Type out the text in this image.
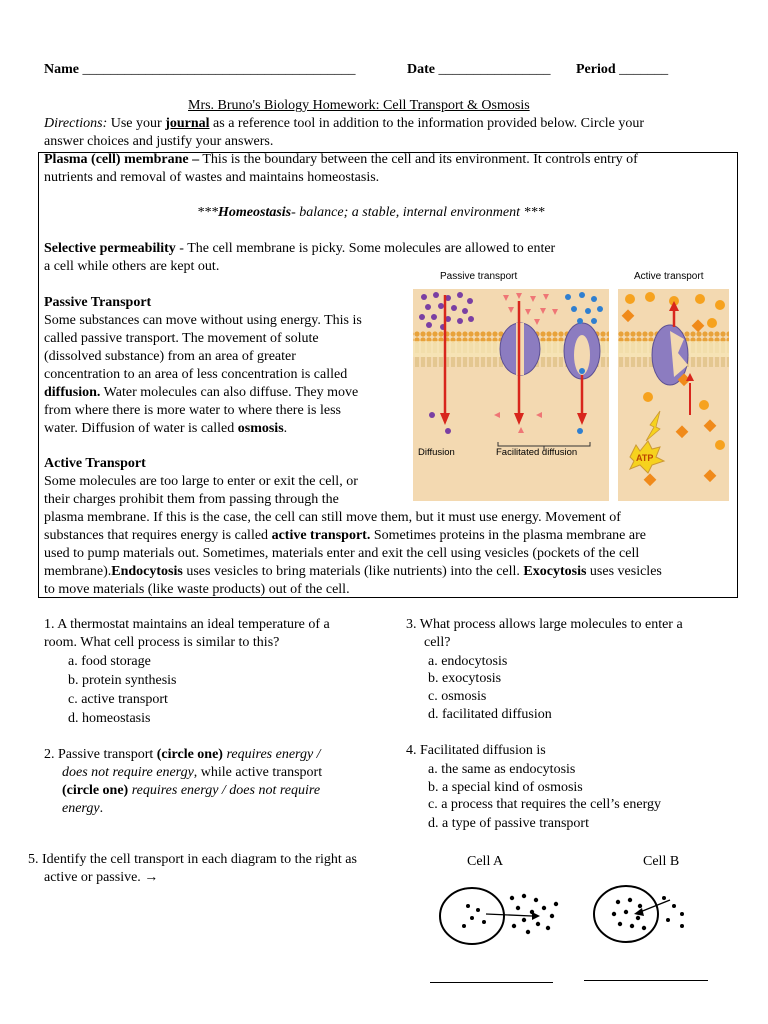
Name _______________________________________	Date ________________ Period _______
Mrs. Bruno's Biology Homework: Cell Transport & Osmosis
Directions: Use your journal as a reference tool in addition to the information provided below. Circle your
answer choices and justify your answers.
Plasma (cell) membrane – This is the boundary between the cell and its environment. It controls entry of
nutrients and removal of wastes and maintains homeostasis.
***Homeostasis- balance; a stable, internal environment ***
Selective permeability - The cell membrane is picky. Some molecules are allowed to enter
a cell while others are kept out.
Passive Transport
Some substances can move without using energy. This is
called passive transport. The movement of solute
(dissolved substance) from an area of greater
concentration to an area of less concentration is called
diffusion. Water molecules can also diffuse. They move
from where there is more water to where there is less
water. Diffusion of water is called osmosis.
Active Transport
Some molecules are too large to enter or exit the cell, or
their charges prohibit them from passing through the
plasma membrane. If this is the case, the cell can still move them, but it must use energy. Movement of
substances that requires energy is called active transport. Sometimes proteins in the plasma membrane are
used to pump materials out. Sometimes, materials enter and exit the cell using vesicles (pockets of the cell
membrane).Endocytosis uses vesicles to bring materials (like nutrients) into the cell. Exocytosis uses vesicles
to move materials (like waste products) out of the cell.
Passive transport	Active transport
Diffusion	Facilitated diffusion	ATP
1. A thermostat maintains an ideal temperature of a
room. What cell process is similar to this?
a. food storage
b. protein synthesis
c. active transport
d. homeostasis
2. Passive transport (circle one) requires energy /
does not require energy, while active transport
(circle one) requires energy / does not require
energy.
3. What process allows large molecules to enter a
cell?
a. endocytosis
b. exocytosis
c. osmosis
d. facilitated diffusion
4. Facilitated diffusion is
a. the same as endocytosis
b. a special kind of osmosis
c. a process that requires the cell’s energy
d. a type of passive transport
5. Identify the cell transport in each diagram to the right as
active or passive. →
Cell A	Cell B
